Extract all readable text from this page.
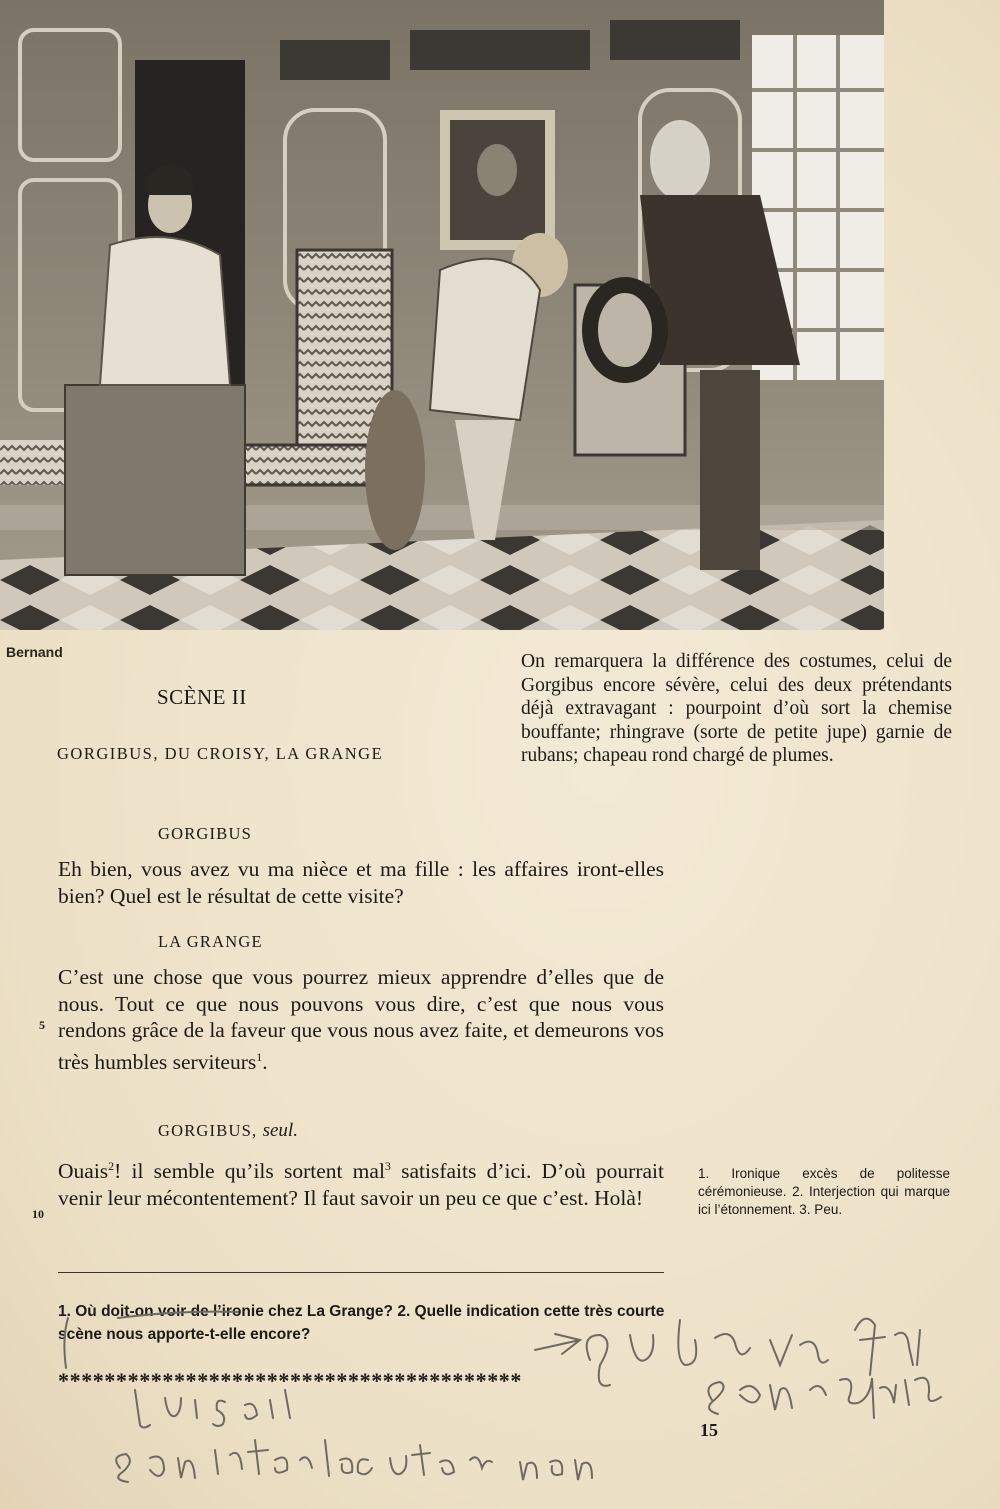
Bernand	On remarquera la différence des costumes, celui de Gorgibus encore sévère, celui des deux prétendants déjà extravagant : pourpoint d’où sort la chemise bouffante; rhingrave (sorte de petite jupe) garnie de rubans; chapeau rond chargé de plumes.
SCÈNE II
GORGIBUS, DU CROISY, LA GRANGE
GORGIBUS
Eh bien, vous avez vu ma nièce et ma fille : les affaires iront-elles bien? Quel est le résultat de cette visite?
LA GRANGE
C’est une chose que vous pourrez mieux apprendre d’elles que de nous. Tout ce que nous pouvons vous dire, c’est que nous vous rendons grâce de la faveur que vous nous avez faite, et demeurons vos très humbles serviteurs$^1$.
5
GORGIBUS, seul.
Ouais$^2$! il semble qu’ils sortent mal$^3$ satisfaits d’ici. D’où pourrait venir leur mécontentement? Il faut savoir un peu ce que c’est. Holà!
10
1. Ironique excès de politesse cérémonieuse. 2. Interjection qui marque ici l’étonnement. 3. Peu.
1. Où doit-on voir de l’ironie chez La Grange? 2. Quelle indication cette très courte scène nous apporte-t-elle encore?
****************************************
15
